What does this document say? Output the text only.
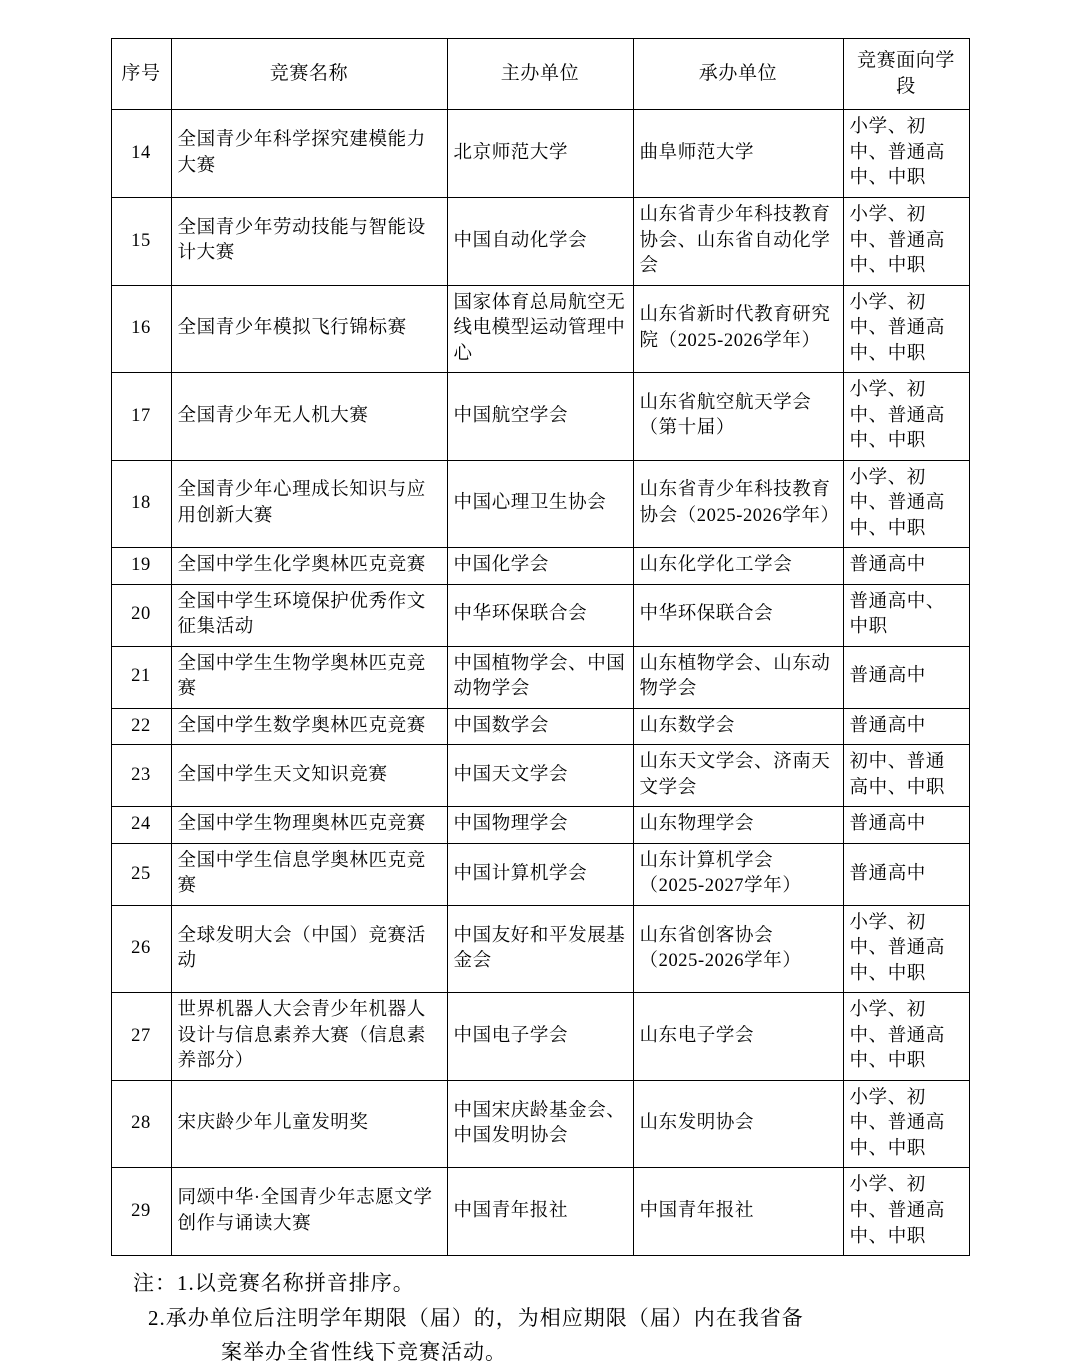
序号	竞赛名称	主办单位	承办单位	竞赛面向学段
14	全国青少年科学探究建模能力大赛	北京师范大学	曲阜师范大学	小学、初中、普通高中、中职
15	全国青少年劳动技能与智能设计大赛	中国自动化学会	山东省青少年科技教育协会、山东省自动化学会	小学、初中、普通高中、中职
16	全国青少年模拟飞行锦标赛	国家体育总局航空无线电模型运动管理中心	山东省新时代教育研究院（2025-2026学年）	小学、初中、普通高中、中职
17	全国青少年无人机大赛	中国航空学会	山东省航空航天学会（第十届）	小学、初中、普通高中、中职
18	全国青少年心理成长知识与应用创新大赛	中国心理卫生协会	山东省青少年科技教育协会（2025-2026学年）	小学、初中、普通高中、中职
19	全国中学生化学奥林匹克竞赛	中国化学会	山东化学化工学会	普通高中
20	全国中学生环境保护优秀作文征集活动	中华环保联合会	中华环保联合会	普通高中、中职
21	全国中学生生物学奥林匹克竞赛	中国植物学会、中国动物学会	山东植物学会、山东动物学会	普通高中
22	全国中学生数学奥林匹克竞赛	中国数学会	山东数学会	普通高中
23	全国中学生天文知识竞赛	中国天文学会	山东天文学会、济南天文学会	初中、普通高中、中职
24	全国中学生物理奥林匹克竞赛	中国物理学会	山东物理学会	普通高中
25	全国中学生信息学奥林匹克竞赛	中国计算机学会	山东计算机学会（2025-2027学年）	普通高中
26	全球发明大会（中国）竞赛活动	中国友好和平发展基金会	山东省创客协会（2025-2026学年）	小学、初中、普通高中、中职
27	世界机器人大会青少年机器人设计与信息素养大赛（信息素养部分）	中国电子学会	山东电子学会	小学、初中、普通高中、中职
28	宋庆龄少年儿童发明奖	中国宋庆龄基金会、中国发明协会	山东发明协会	小学、初中、普通高中、中职
29	同颂中华·全国青少年志愿文学创作与诵读大赛	中国青年报社	中国青年报社	小学、初中、普通高中、中职
注：1.以竞赛名称拼音排序。
2.承办单位后注明学年期限（届）的，为相应期限（届）内在我省备
案举办全省性线下竞赛活动。
